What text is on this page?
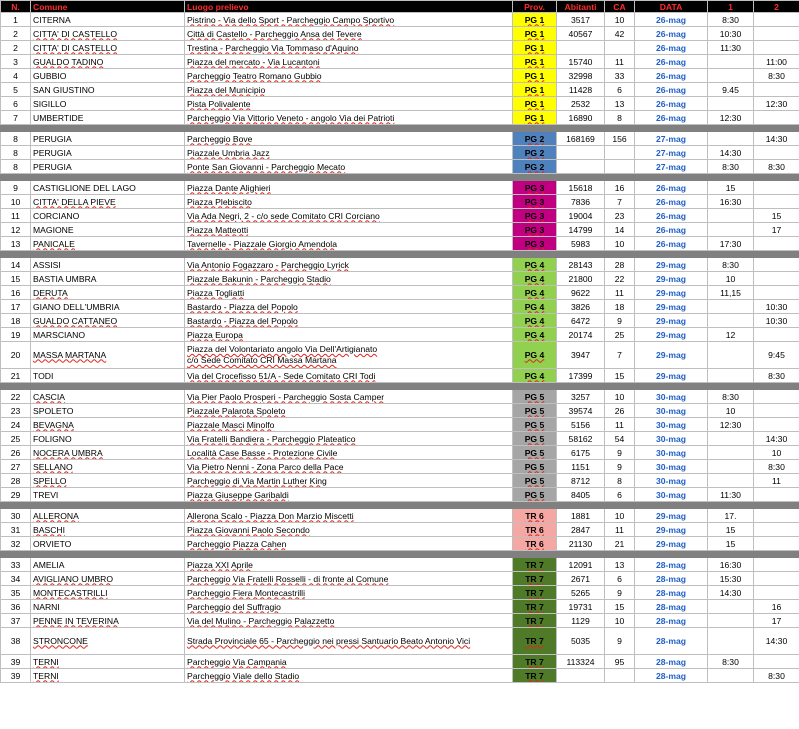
N.	Comune	Luogo prelievo	Prov.	Abitanti	CA	DATA	1	2
1	CITERNA	Pistrino - Via dello Sport - Parcheggio Campo Sportivo	PG 1	3517	10	26-mag	8:30	
2	CITTA' DI CASTELLO	Città di Castello - Parcheggio Ansa del Tevere	PG 1	40567	42	26-mag	10:30	
2	CITTA' DI CASTELLO	Trestina - Parcheggio Via Tommaso d'Aquino	PG 1			26-mag	11:30	
3	GUALDO TADINO	Piazza del mercato - Via Lucantoni	PG 1	15740	11	26-mag		11:00
4	GUBBIO	Parcheggio Teatro Romano Gubbio	PG 1	32998	33	26-mag		8:30
5	SAN GIUSTINO	Piazza del Municipio	PG 1	11428	6	26-mag	9.45	
6	SIGILLO	Pista Polivalente	PG 1	2532	13	26-mag		12:30
7	UMBERTIDE	Parcheggio Via Vittorio Veneto - angolo Via dei Patrioti	PG 1	16890	8	26-mag	12:30	

8	PERUGIA	Parcheggio Bove	PG 2	168169	156	27-mag		14:30
8	PERUGIA	Piazzale Umbria Jazz	PG 2			27-mag	14:30	
8	PERUGIA	Ponte San Giovanni - Parcheggio Mecato	PG 2			27-mag	8:30	8:30

9	CASTIGLIONE DEL LAGO	Piazza Dante Alighieri	PG 3	15618	16	26-mag	15	
10	CITTA' DELLA PIEVE	Piazza Plebiscito	PG 3	7836	7	26-mag	16:30	
11	CORCIANO	Via Ada Negri, 2 - c/o sede Comitato CRI Corciano	PG 3	19004	23	26-mag		15
12	MAGIONE	Piazza Matteotti	PG 3	14799	14	26-mag		17
13	PANICALE	Tavernelle - Piazzale Giorgio Amendola	PG 3	5983	10	26-mag	17:30	

14	ASSISI	Via Antonio Fogazzaro - Parcheggio Lyrick	PG 4	28143	28	29-mag	8:30	
15	BASTIA UMBRA	Piazzale Bakunin - Parcheggio Stadio	PG 4	21800	22	29-mag	10	
16	DERUTA	Piazza Togliatti	PG 4	9622	11	29-mag	11,15	
17	GIANO DELL'UMBRIA	Bastardo - Piazza del Popolo	PG 4	3826	18	29-mag		10:30
18	GUALDO CATTANEO	Bastardo - Piazza del Popolo	PG 4	6472	9	29-mag		10:30
19	MARSCIANO	Piazza Europa	PG 4	20174	25	29-mag	12	
20	MASSA MARTANA	Piazza del Volontariato angolo Via Dell'Artigianato
c/o Sede Comitato CRI Massa Martana	PG 4	3947	7	29-mag		9:45
21	TODI	Via del Crocefisso 51/A - Sede Comitato CRI Todi	PG 4	17399	15	29-mag		8:30

22	CASCIA	Via Pier Paolo Prosperi - Parcheggio Sosta Camper	PG 5	3257	10	30-mag	8:30	
23	SPOLETO	Piazzale Palarota Spoleto	PG 5	39574	26	30-mag	10	
24	BEVAGNA	Piazzale Masci Minolfo	PG 5	5156	11	30-mag	12:30	
25	FOLIGNO	Via Fratelli Bandiera - Parcheggio Plateatico	PG 5	58162	54	30-mag		14:30
26	NOCERA UMBRA	Località Case Basse - Protezione Civile	PG 5	6175	9	30-mag		10
27	SELLANO	Via Pietro Nenni - Zona Parco della Pace	PG 5	1151	9	30-mag		8:30
28	SPELLO	Parcheggio di Via Martin Luther King	PG 5	8712	8	30-mag		11
29	TREVI	Piazza Giuseppe Garibaldi	PG 5	8405	6	30-mag	11:30	

30	ALLERONA	Allerona Scalo - Piazza Don Marzio Miscetti	TR 6	1881	10	29-mag	17.	
31	BASCHI	Piazza Giovanni Paolo Secondo	TR 6	2847	11	29-mag	15	
32	ORVIETO	Parcheggio Piazza Cahen	TR 6	21130	21	29-mag	15	

33	AMELIA	Piazza XXI Aprile	TR 7	12091	13	28-mag	16:30	
34	AVIGLIANO UMBRO	Parcheggio Via Fratelli Rosselli - di fronte al Comune	TR 7	2671	6	28-mag	15:30	
35	MONTECASTRILLI	Parcheggio Fiera Montecastrilli	TR 7	5265	9	28-mag	14:30	
36	NARNI	Parcheggio del Suffragio	TR 7	19731	15	28-mag		16
37	PENNE IN TEVERINA	Via del Mulino - Parcheggio Palazzetto	TR 7	1129	10	28-mag		17
38	STRONCONE	Strada Provinciale 65 - Parcheggio nei pressi Santuario Beato Antonio Vici	TR 7	5035	9	28-mag		14:30
39	TERNI	Parcheggio Via Campania	TR 7	113324	95	28-mag	8:30	
39	TERNI	Parcheggio Viale dello Stadio	TR 7			28-mag		8:30
